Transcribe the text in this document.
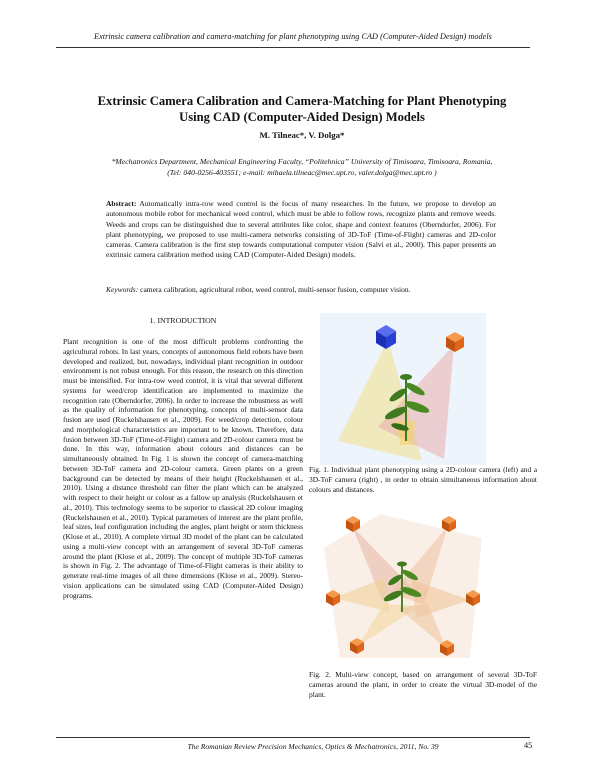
Extrinsic camera calibration and camera-matching for plant phenotyping using CAD (Computer-Aided Design) models
Extrinsic Camera Calibration and Camera-Matching for Plant Phenotyping
Using CAD (Computer-Aided Design) Models
M. Tilneac*, V. Dolga*
*Mechatronics Department, Mechanical Engineering Faculty, “Politehnica” University of Timisoara, Timisoara, Romania,
(Tel: 040-0256-403551; e-mail: mihaela.tilneac@mec.upt.ro, valer.dolga@mec.upt.ro )
Abstract: Automatically intra-row weed control is the focus of many researches. In the future, we propose to develop an autonomous mobile robot for mechanical weed control, which must be able to follow rows, recognize plants and remove weeds. Weeds and crops can be distinguished due to several attributes like color, shape and context features (Oberndorfer, 2006). For plant phenotyping, we proposed to use multi-camera networks consisting of 3D-ToF (Time-of-Flight) cameras and 2D-color cameras. Camera calibration is the first step towards computational computer vision (Salvi et al., 2000). This paper presents an extrinsic camera calibration method using CAD (Computer-Aided Design) models.
Keywords: camera calibration, agricultural robot, weed control, multi-sensor fusion, computer vision.
1. INTRODUCTION

Plant recognition is one of the most difficult problems confronting the agricultural robots. In last years, concepts of autonomous field robots have been developed and realized, but, nowadays, individual plant recognition in outdoor environment is not robust enough. For this reason, the research on this direction must be intensified. For intra-row weed control, it is vital that several different systems for weed/crop identification are implemented to maximize the recognition rate (Oberndorfer, 2006). In order to increase the robustness as well as the quality of information for phenotyping, concepts of multi-sensor data fusion are used (Ruckelshausen et al., 2009). For weed/crop detection, colour and morphological characteristics are important to be known. Therefore, data fusion between 3D-ToF (Time-of-Flight) camera and 2D-colour camera must be done. In this way, information about colours and distances can be simultaneously obtained. In Fig. 1 is shown the concept of camera-matching between 3D-ToF camera and 2D-colour camera. Green plants on a green background can be detected by means of their height (Ruckelshausen et al., 2010). Using a distance threshold can filter the plant which can be analyzed with respect to their height or colour as a fallow up analysis (Ruckelshausen et al., 2010). This technology seems to be superior to classical 2D colour imaging (Ruckelshausen et al., 2010). Typical parameters of interest are the plant profile, leaf sizes, leaf configuration including the angles, plant height or stem thickness (Klose et al., 2010). A complete virtual 3D model of the plant can be calculated using a multi-view concept with an arrangement of several 3D-ToF cameras around the plant (Klose et al., 2009). The concept of multiple 3D-ToF cameras is shown in Fig. 2. The advantage of Time-of-Flight cameras is their ability to generate real-time images of all three dimensions (Klose et al., 2009). Stereo-vision applications can be simulated using CAD (Computer-Aided Design) programs.

Fig. 1. Individual plant phenotyping using a 2D-colour camera (left) and a 3D-ToF camera (right) , in order to obtain simultaneous information about colours and distances.
Fig. 2. Multi-view concept, based on arrangement of several 3D-ToF cameras around the plant, in order to create the virtual 3D-model of the plant.
The Romanian Review Precision Mechanics, Optics & Mechatronics, 2011, No. 39	45
